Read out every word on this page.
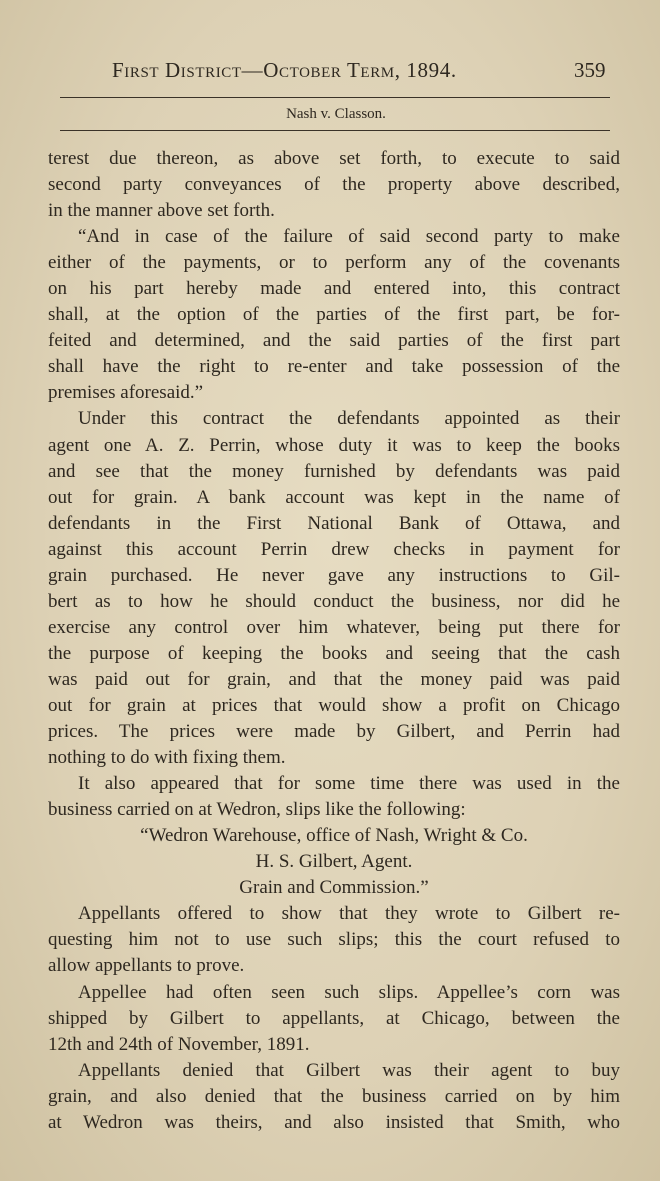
First District—October Term, 1894.	359
Nash v. Classon.
terest due thereon, as above set forth, to execute to said
second party conveyances of the property above described,
in the manner above set forth.
“And in case of the failure of said second party to make
either of the payments, or to perform any of the covenants
on his part hereby made and entered into, this contract
shall, at the option of the parties of the first part, be for-
feited and determined, and the said parties of the first part
shall have the right to re-enter and take possession of the
premises aforesaid.”
Under this contract the defendants appointed as their
agent one A. Z. Perrin, whose duty it was to keep the books
and see that the money furnished by defendants was paid
out for grain. A bank account was kept in the name of
defendants in the First National Bank of Ottawa, and
against this account Perrin drew checks in payment for
grain purchased. He never gave any instructions to Gil-
bert as to how he should conduct the business, nor did he
exercise any control over him whatever, being put there for
the purpose of keeping the books and seeing that the cash
was paid out for grain, and that the money paid was paid
out for grain at prices that would show a profit on Chicago
prices. The prices were made by Gilbert, and Perrin had
nothing to do with fixing them.
It also appeared that for some time there was used in the
business carried on at Wedron, slips like the following:
“Wedron Warehouse, office of Nash, Wright & Co.
H. S. Gilbert, Agent.
Grain and Commission.”
Appellants offered to show that they wrote to Gilbert re-
questing him not to use such slips; this the court refused to
allow appellants to prove.
Appellee had often seen such slips. Appellee’s corn was
shipped by Gilbert to appellants, at Chicago, between the
12th and 24th of November, 1891.
Appellants denied that Gilbert was their agent to buy
grain, and also denied that the business carried on by him
at Wedron was theirs, and also insisted that Smith, who
